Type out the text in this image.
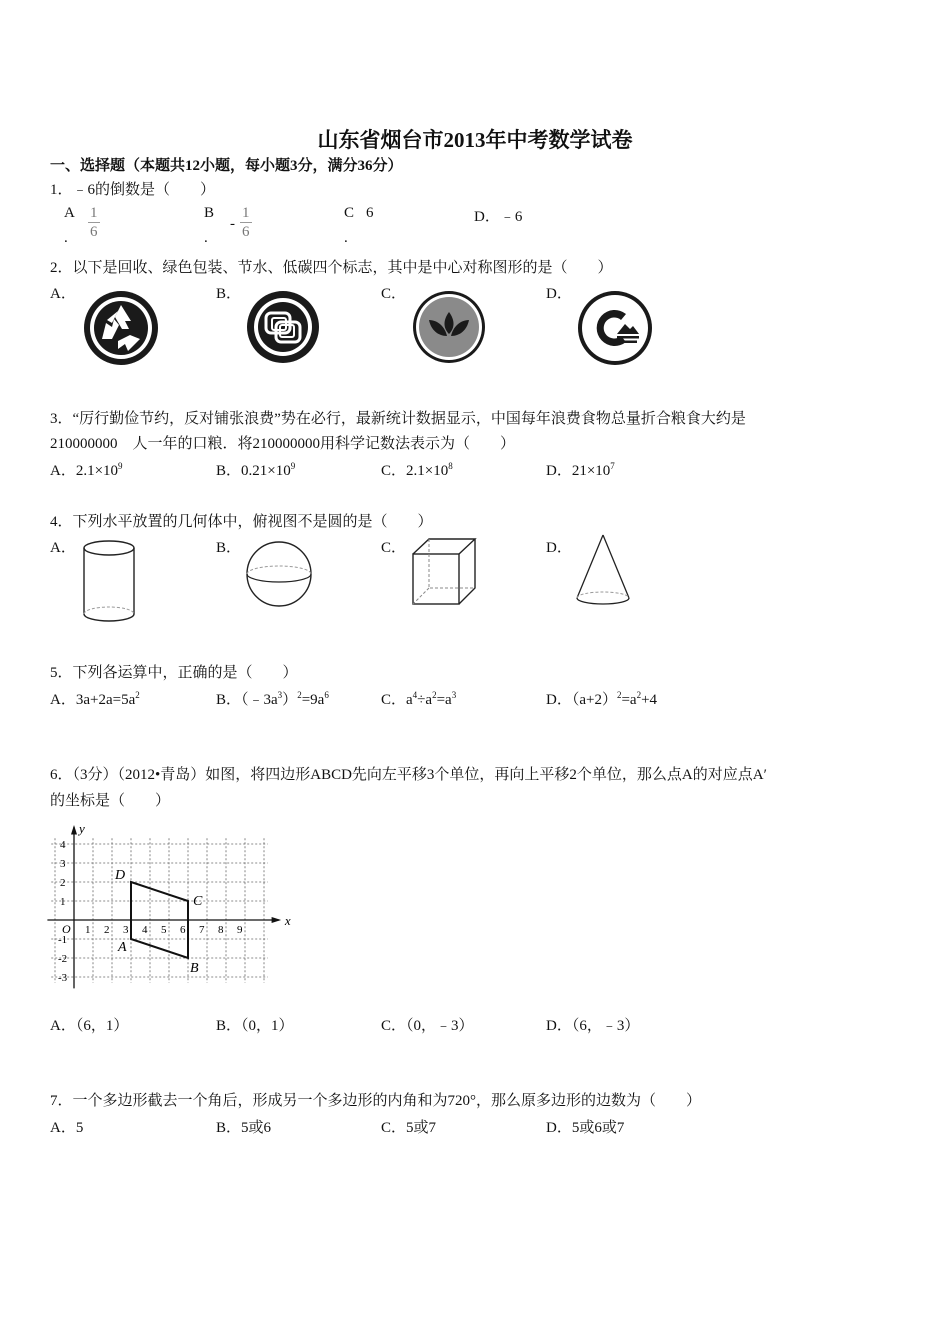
山东省烟台市2013年中考数学试卷
一、选择题（本题共12小题，每小题3分，满分36分）
1．﹣6的倒数是（　　）
A
. $\frac{1}{6}$	B
.
- $\frac{1}{6}$	C
.
6	D．﹣6
2．以下是回收、绿色包装、节水、低碳四个标志，其中是中心对称图形的是（　　）
A．	B．	C．	D．
3．“厉行勤俭节约，反对铺张浪费”势在必行，最新统计数据显示，中国每年浪费食物总量折合粮食大约是
210000000　人一年的口粮．将210000000用科学记数法表示为（　　）
A．$2.1\times 10^9$	B．$0.21\times 10^9$	C．$2.1\times 10^8$	D．$21\times 10^7$
4．下列水平放置的几何体中，俯视图不是圆的是（　　）
A．	B．	C．	D．
5．下列各运算中，正确的是（　　）
A．$3a+2a=5a^2$	B．$(﹣3a^3)^2=9a^6$	C．$a^4\div a^2=a^3$	D．$(a+2)^2=a^2+4$
6．（3分）（2012•青岛）如图，将四边形ABCD先向左平移3个单位，再向上平移2个单位，那么点A的对应点A′
的坐标是（　　）
x
y
O 1 2 3 4 5 6 7 8 9
1
2
3
4
-1
-2
-3
A
B
C
D
A．（6，1）	B．（0，1）	C．（0，﹣3）	D．（6，﹣3）
7．一个多边形截去一个角后，形成另一个多边形的内角和为720°，那么原多边形的边数为（　　）
A．5	B．5或6	C．5或7	D．5或6或7
